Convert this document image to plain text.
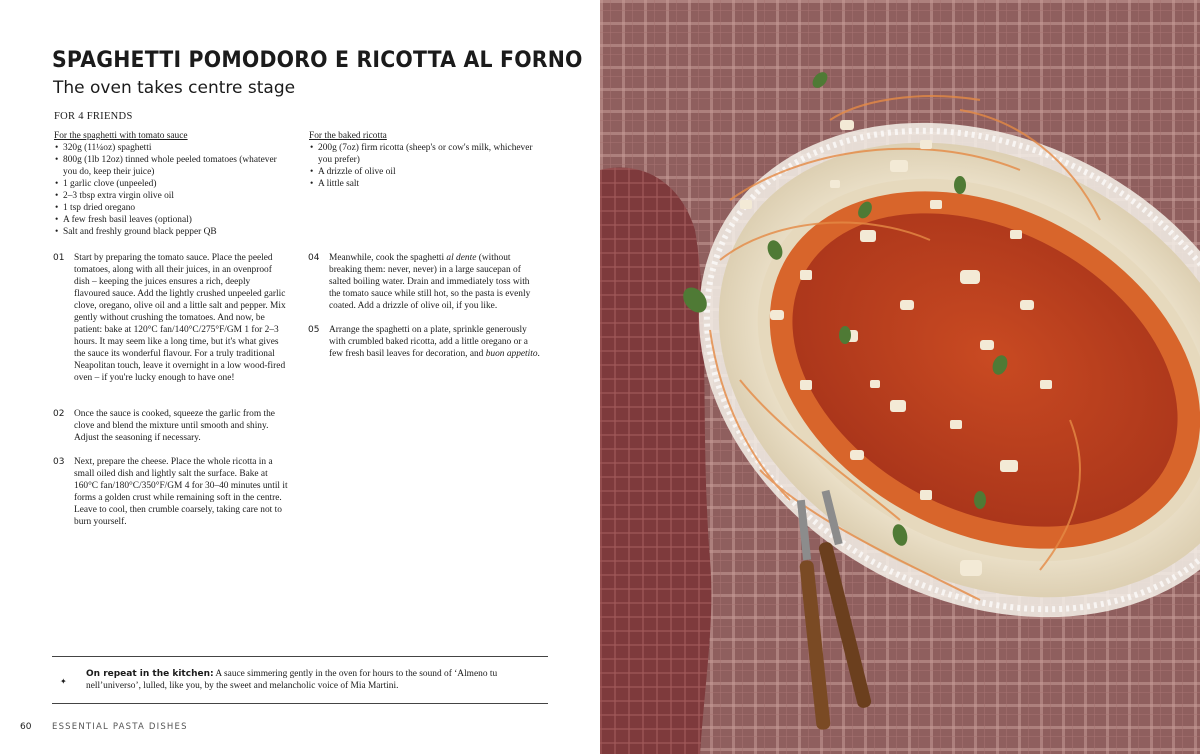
SPAGHETTI POMODORO E RICOTTA AL FORNO
The oven takes centre stage
FOR 4 FRIENDS
For the spaghetti with tomato sauce
• 320g (11¼oz) spaghetti
• 800g (1lb 12oz) tinned whole peeled tomatoes (whatever you do, keep their juice)
• 1 garlic clove (unpeeled)
• 2–3 tbsp extra virgin olive oil
• 1 tsp dried oregano
• A few fresh basil leaves (optional)
• Salt and freshly ground black pepper QB
For the baked ricotta
• 200g (7oz) firm ricotta (sheep's or cow's milk, whichever you prefer)
• A drizzle of olive oil
• A little salt
01 Start by preparing the tomato sauce. Place the peeled tomatoes, along with all their juices, in an ovenproof dish – keeping the juices ensures a rich, deeply flavoured sauce. Add the lightly crushed unpeeled garlic clove, oregano, olive oil and a little salt and pepper. Mix gently without crushing the tomatoes. And now, be patient: bake at 120°C fan/140°C/275°F/GM 1 for 2–3 hours. It may seem like a long time, but it's what gives the sauce its wonderful flavour. For a truly traditional Neapolitan touch, leave it overnight in a low wood-fired oven – if you're lucky enough to have one!
02 Once the sauce is cooked, squeeze the garlic from the clove and blend the mixture until smooth and shiny. Adjust the seasoning if necessary.
03 Next, prepare the cheese. Place the whole ricotta in a small oiled dish and lightly salt the surface. Bake at 160°C fan/180°C/350°F/GM 4 for 30–40 minutes until it forms a golden crust while remaining soft in the centre. Leave to cool, then crumble coarsely, taking care not to burn yourself.
04 Meanwhile, cook the spaghetti al dente (without breaking them: never, never) in a large saucepan of salted boiling water. Drain and immediately toss with the tomato sauce while still hot, so the pasta is evenly coated. Add a drizzle of olive oil, if you like.
05 Arrange the spaghetti on a plate, sprinkle generously with crumbled baked ricotta, add a little oregano or a few fresh basil leaves for decoration, and buon appetito.
✦
On repeat in the kitchen: A sauce simmering gently in the oven for hours to the sound of ‘Almeno tu nell’universo’, lulled, like you, by the sweet and melancholic voice of Mia Martini.
60 ESSENTIAL PASTA DISHES
